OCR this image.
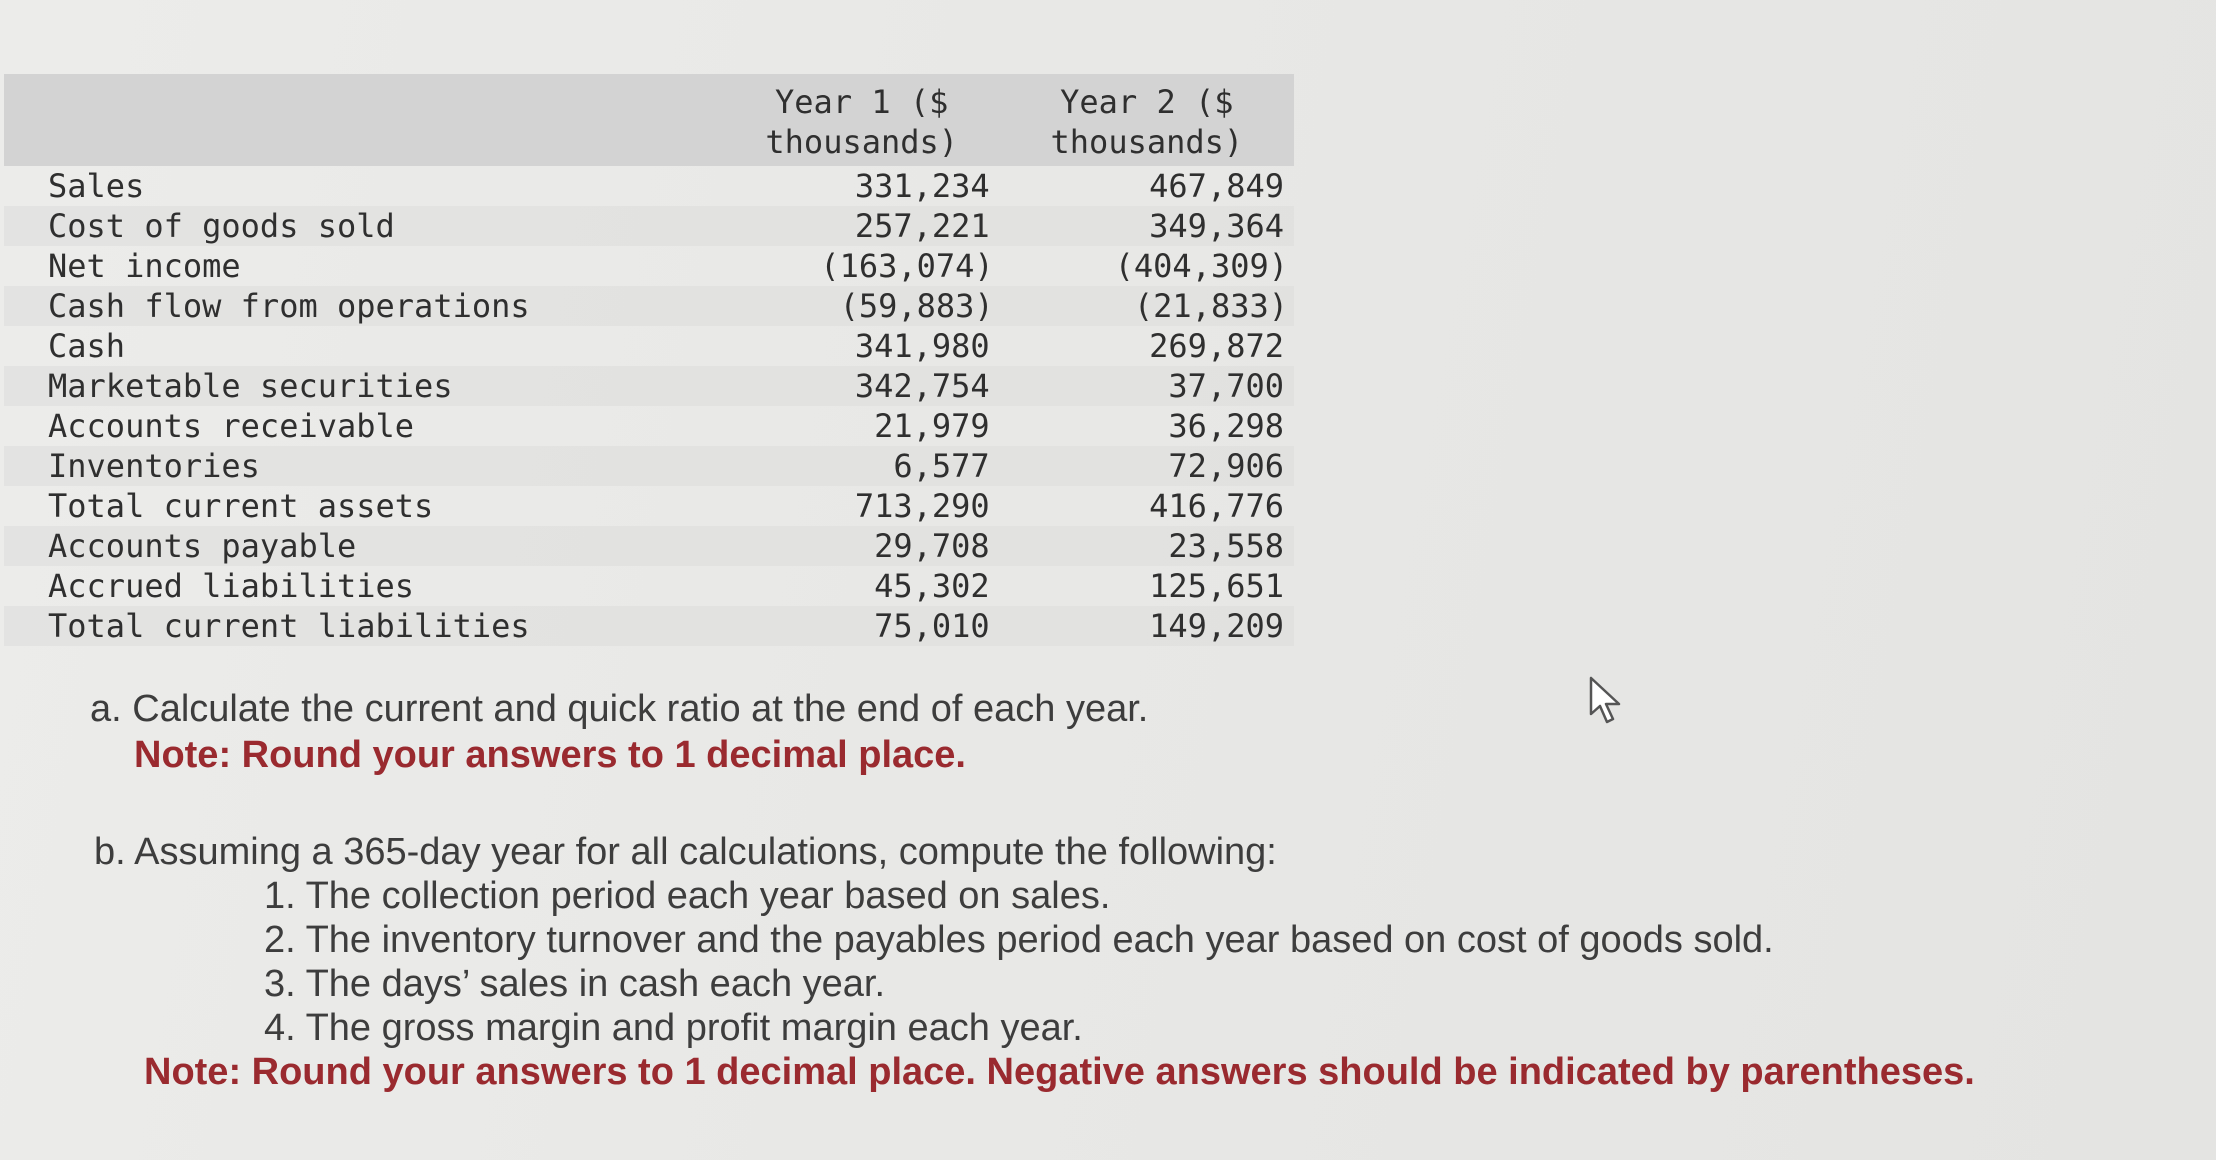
	Year 1 ($ thousands)	Year 2 ($ thousands)
Sales	331,234	467,849
Cost of goods sold	257,221	349,364
Net income	(163,074)	(404,309)
Cash flow from operations	(59,883)	(21,833)
Cash	341,980	269,872
Marketable securities	342,754	37,700
Accounts receivable	21,979	36,298
Inventories	6,577	72,906
Total current assets	713,290	416,776
Accounts payable	29,708	23,558
Accrued liabilities	45,302	125,651
Total current liabilities	75,010	149,209
a. Calculate the current and quick ratio at the end of each year.
Note: Round your answers to 1 decimal place.
b. Assuming a 365-day year for all calculations, compute the following:
1. The collection period each year based on sales.
2. The inventory turnover and the payables period each year based on cost of goods sold.
3. The days’ sales in cash each year.
4. The gross margin and profit margin each year.
Note: Round your answers to 1 decimal place. Negative answers should be indicated by parentheses.
